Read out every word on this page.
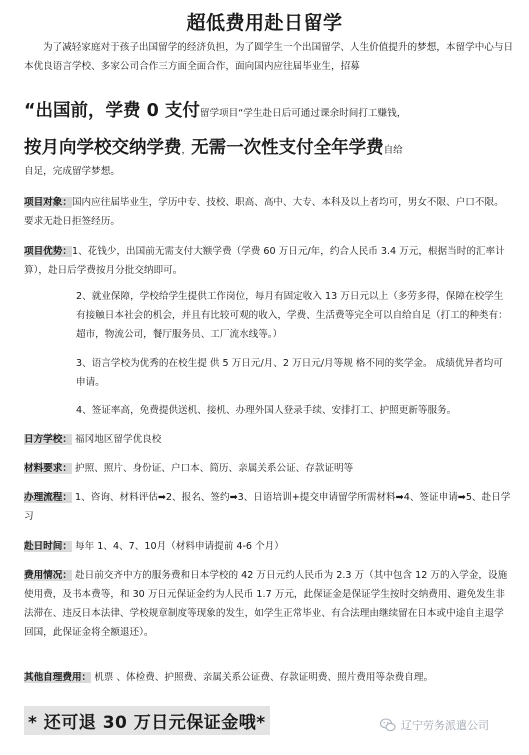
超低费用赴日留学
为了减轻家庭对于孩子出国留学的经济负担，为了圆学生一个出国留学、人生价值提升的梦想，本留学中心与日本优良语言学校、多家公司合作三方面全面合作，面向国内应往届毕业生，招募
“出国前，学费 0 支付留学项目“学生赴日后可通过课余时间打工赚钱，
按月向学校交纳学费，无需一次性支付全年学费自给
自足，完成留学梦想。
项目对象：国内应往届毕业生，学历中专、技校、职高、高中、大专、本科及以上者均可，男女不限、户口不限。要求无赴日拒签经历。
项目优势：1、花钱少，出国前无需支付大额学费（学费 60 万日元/年，约合人民币 3.4 万元，根据当时的汇率计算），赴日后学费按月分批交纳即可。
2、就业保障，学校给学生提供工作岗位，每月有固定收入 13 万日元以上（多劳多得，保障在校学生有接触日本社会的机会，并且有比较可观的收入，学费、生活费等完全可以自给自足（打工的种类有：超市，物流公司，餐厅服务员、工厂流水线等。）
3、语言学校为优秀的在校生提 供 5 万日元/月、2 万日元/月等规 格不同的奖学金。 成绩优异者均可申请。
4、签证率高，免费提供送机、接机、办理外国人登录手续、安排打工、护照更新等服务。
日方学校： 福冈地区留学优良校
材料要求： 护照、照片、身份证、户口本、简历、亲属关系公证、存款证明等
办理流程： 1、咨询、材料评估➡2、报名、签约➡3、日语培训+提交申请留学所需材料➡4、签证申请➡5、赴日学习
赴日时间： 每年 1、4、7、10月（材料申请提前 4-6 个月）
费用情况： 赴日前交齐中方的服务费和日本学校的 42 万日元约人民币为 2.3 万（其中包含 12 万的入学金，设施使用费，及书本费等，和 30 万日元保证金约为人民币 1.7 万元，此保证金是保证学生按时交纳费用、避免发生非法滞在、违反日本法律、学校规章制度等现象的发生，如学生正常毕业、有合法理由继续留在日本或中途自主退学回国，此保证金将全额退还）。
其他自理费用： 机票 、体检费、护照费、亲属关系公证费、存款证明费、照片费用等杂费自理。
* 还可退 30 万日元保证金哦*	辽宁劳务派遣公司
